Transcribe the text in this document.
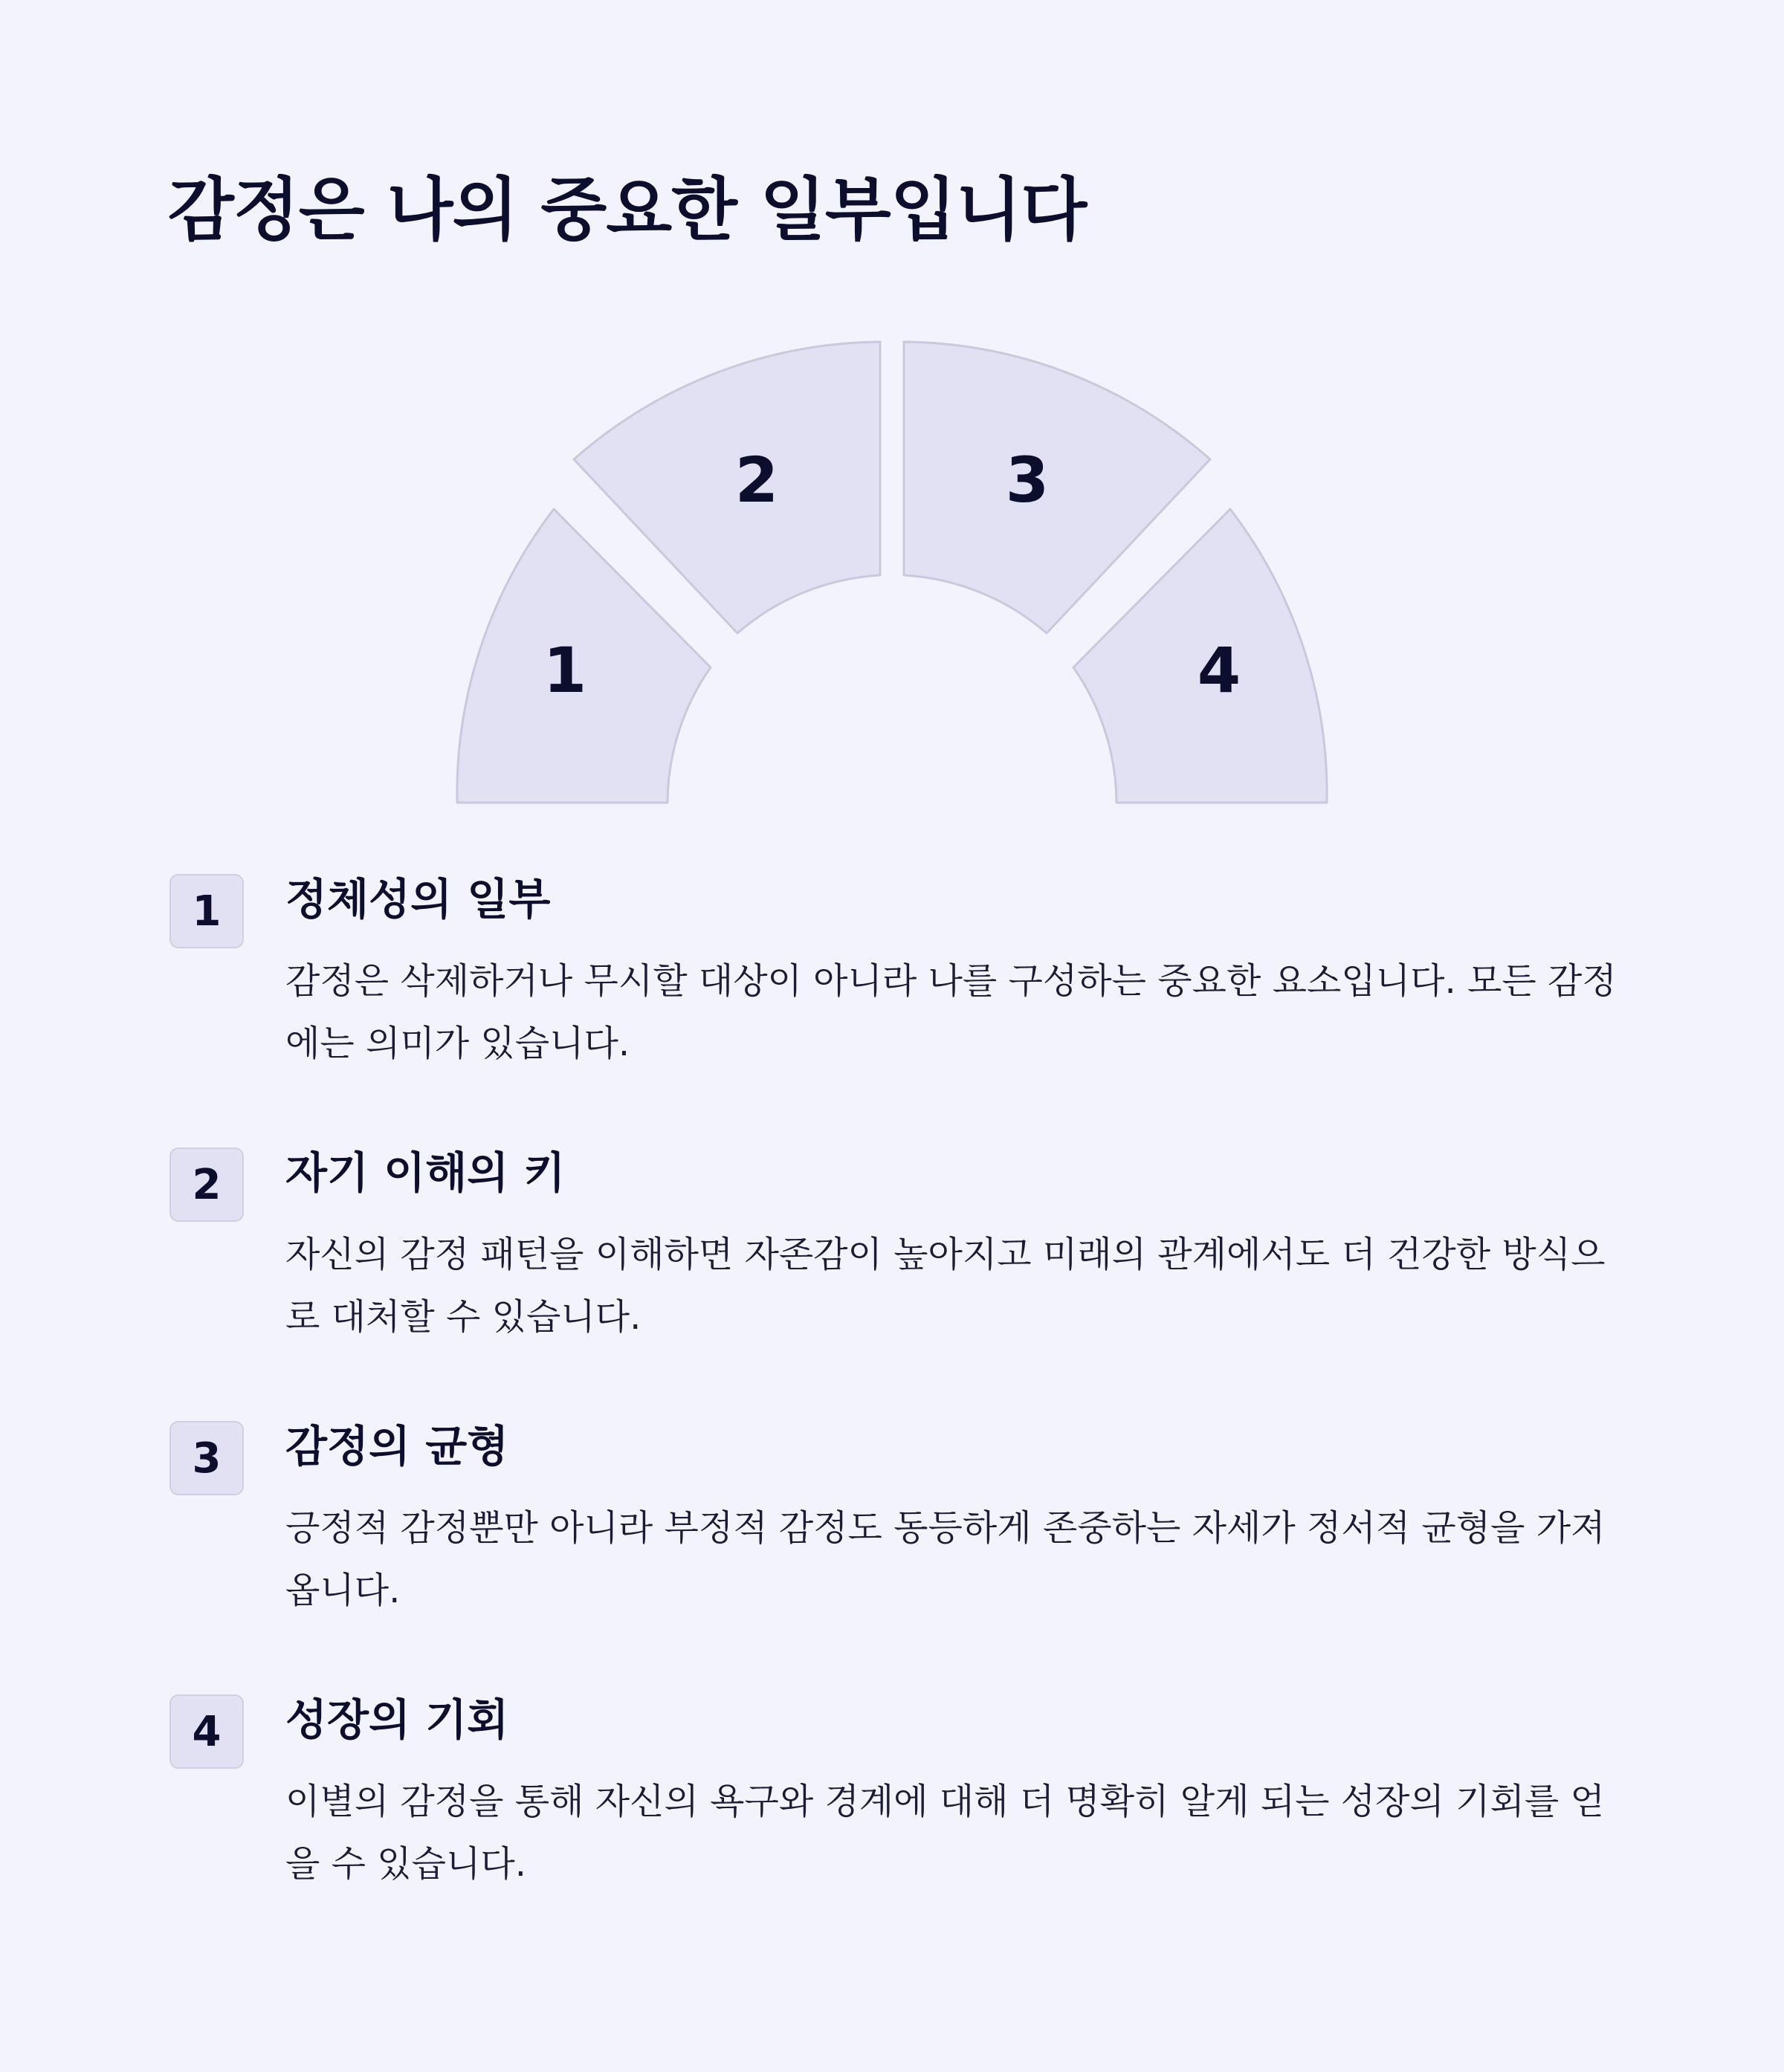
감정은 나의 중요한 일부입니다
1
2	3
4
1	정체성의 일부

감정은 삭제하거나 무시할 대상이 아니라 나를 구성하는 중요한 요소입니다. 모든 감정에는 의미가 있습니다.

2	자기 이해의 키

자신의 감정 패턴을 이해하면 자존감이 높아지고 미래의 관계에서도 더 건강한 방식으로 대처할 수 있습니다.

3	감정의 균형

긍정적 감정뿐만 아니라 부정적 감정도 동등하게 존중하는 자세가 정서적 균형을 가져옵니다.

4	성장의 기회

이별의 감정을 통해 자신의 욕구와 경계에 대해 더 명확히 알게 되는 성장의 기회를 얻을 수 있습니다.
